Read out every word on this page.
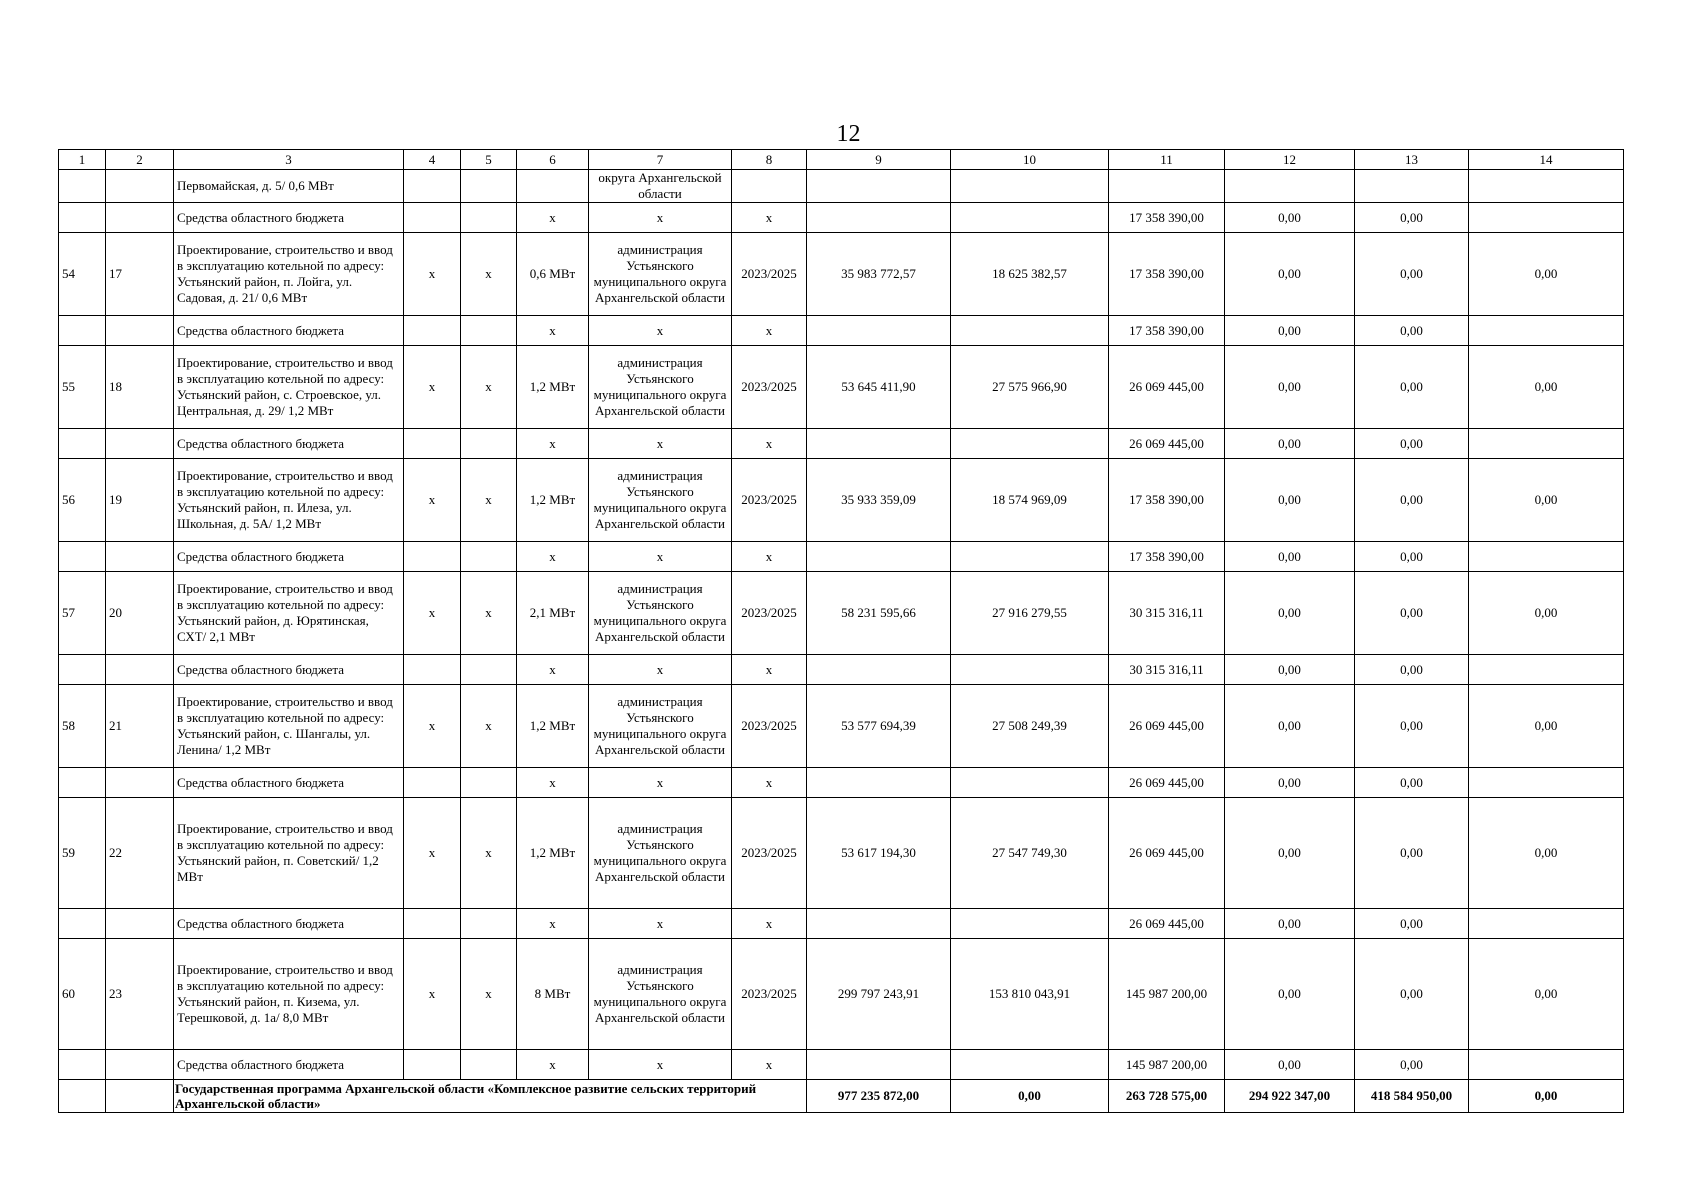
12
1	2	3	4	5	6	7	8	9	10	11	12	13	14
		Первомайская, д. 5/ 0,6 МВт				округа Архангельской области							
		Средства областного бюджета			х	х	х			17 358 390,00	0,00	0,00	
54	17	Проектирование, строительство и ввод в эксплуатацию котельной по адресу: Устьянский район, п. Лойга, ул. Садовая, д. 21/ 0,6 МВт	х	х	0,6 МВт	администрация Устьянского муниципального округа Архангельской области	2023/2025	35 983 772,57	18 625 382,57	17 358 390,00	0,00	0,00	0,00
		Средства областного бюджета			х	х	х			17 358 390,00	0,00	0,00	
55	18	Проектирование, строительство и ввод в эксплуатацию котельной по адресу: Устьянский район, с. Строевское, ул. Центральная, д. 29/ 1,2 МВт	х	х	1,2 МВт	администрация Устьянского муниципального округа Архангельской области	2023/2025	53 645 411,90	27 575 966,90	26 069 445,00	0,00	0,00	0,00
		Средства областного бюджета			х	х	х			26 069 445,00	0,00	0,00	
56	19	Проектирование, строительство и ввод в эксплуатацию котельной по адресу: Устьянский район, п. Илеза, ул. Школьная, д. 5А/ 1,2 МВт	х	х	1,2 МВт	администрация Устьянского муниципального округа Архангельской области	2023/2025	35 933 359,09	18 574 969,09	17 358 390,00	0,00	0,00	0,00
		Средства областного бюджета			х	х	х			17 358 390,00	0,00	0,00	
57	20	Проектирование, строительство и ввод в эксплуатацию котельной по адресу: Устьянский район, д. Юрятинская, СХТ/ 2,1 МВт	х	х	2,1 МВт	администрация Устьянского муниципального округа Архангельской области	2023/2025	58 231 595,66	27 916 279,55	30 315 316,11	0,00	0,00	0,00
		Средства областного бюджета			х	х	х			30 315 316,11	0,00	0,00	
58	21	Проектирование, строительство и ввод в эксплуатацию котельной по адресу: Устьянский район, с. Шангалы, ул. Ленина/ 1,2 МВт	х	х	1,2 МВт	администрация Устьянского муниципального округа Архангельской области	2023/2025	53 577 694,39	27 508 249,39	26 069 445,00	0,00	0,00	0,00
		Средства областного бюджета			х	х	х			26 069 445,00	0,00	0,00	
59	22	Проектирование, строительство и ввод в эксплуатацию котельной по адресу: Устьянский район, п. Советский/ 1,2 МВт	х	х	1,2 МВт	администрация Устьянского муниципального округа Архангельской области	2023/2025	53 617 194,30	27 547 749,30	26 069 445,00	0,00	0,00	0,00
		Средства областного бюджета			х	х	х			26 069 445,00	0,00	0,00	
60	23	Проектирование, строительство и ввод в эксплуатацию котельной по адресу: Устьянский район, п. Кизема, ул. Терешковой, д. 1а/ 8,0 МВт	х	х	8 МВт	администрация Устьянского муниципального округа Архангельской области	2023/2025	299 797 243,91	153 810 043,91	145 987 200,00	0,00	0,00	0,00
		Средства областного бюджета			х	х	х			145 987 200,00	0,00	0,00	
		Государственная программа Архангельской области «Комплексное развитие сельских территорий Архангельской области»						977 235 872,00	0,00	263 728 575,00	294 922 347,00	418 584 950,00	0,00
